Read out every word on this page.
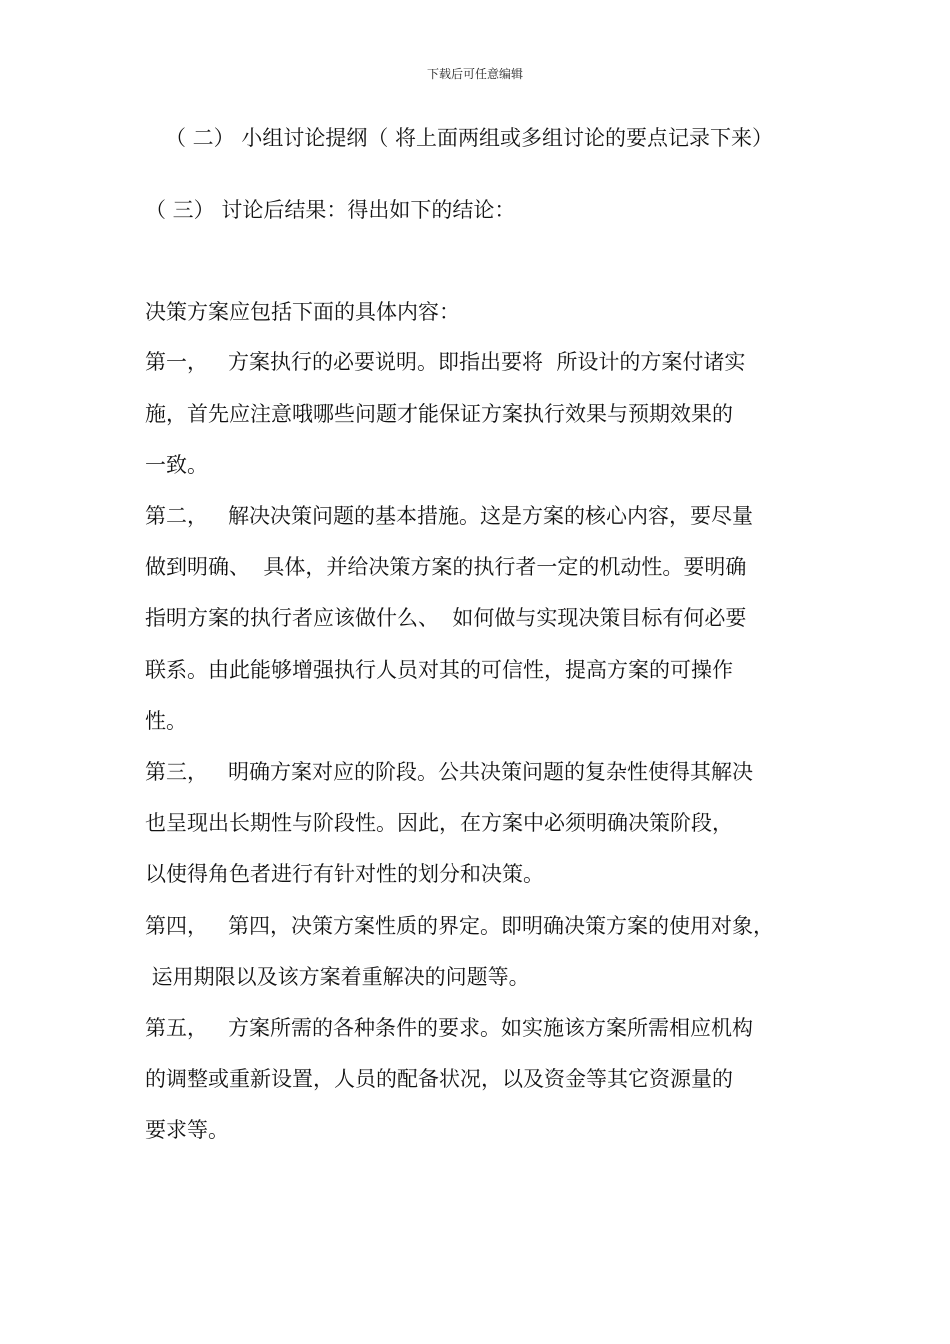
下载后可任意编辑
（ 二） 小组讨论提纲（ 将上面两组或多组讨论的要点记录下来）
（ 三） 讨论后结果：得出如下的结论：
决策方案应包括下面的具体内容：
第一，   方案执行的必要说明。即指出要将  所设计的方案付诸实
施，首先应注意哦哪些问题才能保证方案执行效果与预期效果的
一致。
第二，   解决决策问题的基本措施。这是方案的核心内容，要尽量
做到明确、  具体，并给决策方案的执行者一定的机动性。要明确
指明方案的执行者应该做什么、  如何做与实现决策目标有何必要
联系。由此能够增强执行人员对其的可信性，提高方案的可操作
性。
第三，   明确方案对应的阶段。公共决策问题的复杂性使得其解决
也呈现出长期性与阶段性。因此，在方案中必须明确决策阶段，
以使得角色者进行有针对性的划分和决策。
第四，   第四，决策方案性质的界定。即明确决策方案的使用对象，
运用期限以及该方案着重解决的问题等。
第五，   方案所需的各种条件的要求。如实施该方案所需相应机构
的调整或重新设置，人员的配备状况，以及资金等其它资源量的
要求等。
